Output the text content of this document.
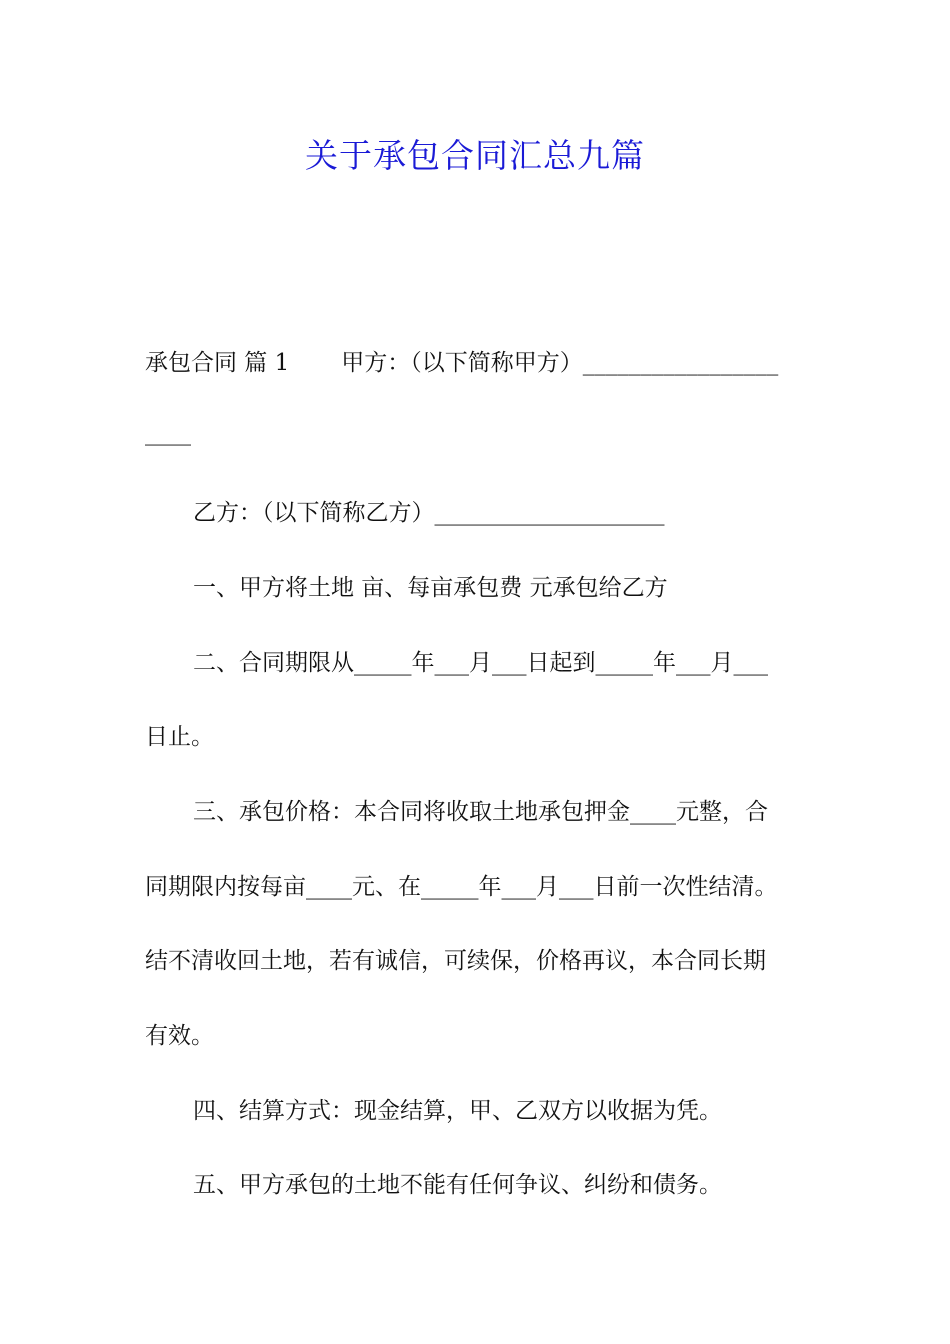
关于承包合同汇总九篇

承包合同 篇 1 甲方：（以下简称甲方）_________________

____

乙方：（以下简称乙方）____________________

一、甲方将土地 亩、每亩承包费 元承包给乙方

二、合同期限从_____年___月___日起到_____年___月___

日止。

三、承包价格：本合同将收取土地承包押金____元整，合

同期限内按每亩____元、在_____年___月___日前一次性结清。

结不清收回土地，若有诚信，可续保，价格再议，本合同长期

有效。

四、结算方式：现金结算，甲、乙双方以收据为凭。

五、甲方承包的土地不能有任何争议、纠纷和债务。
